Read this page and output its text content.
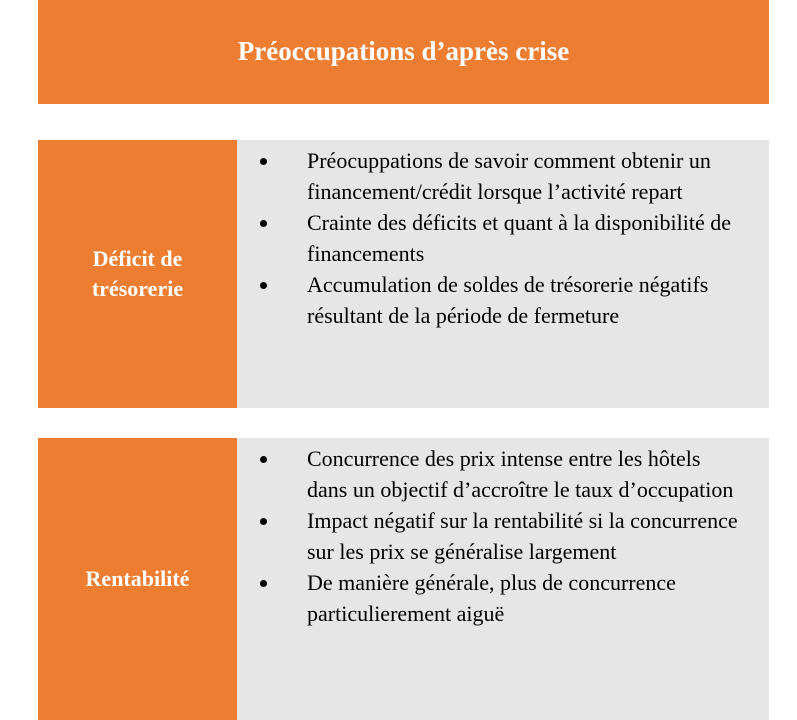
Préoccupations d’après crise
Déficit de trésorerie
Préocuppations de savoir comment obtenir un financement/crédit lorsque l’activité repart
Crainte des déficits et quant à la disponibilité de financements
Accumulation de soldes de trésorerie négatifs résultant de la période de fermeture
Rentabilité
Concurrence des prix intense entre les hôtels dans un objectif d’accroître le taux d’occupation
Impact négatif sur la rentabilité si la concurrence sur les prix se généralise largement
De manière générale, plus de concurrence particulierement aiguë
